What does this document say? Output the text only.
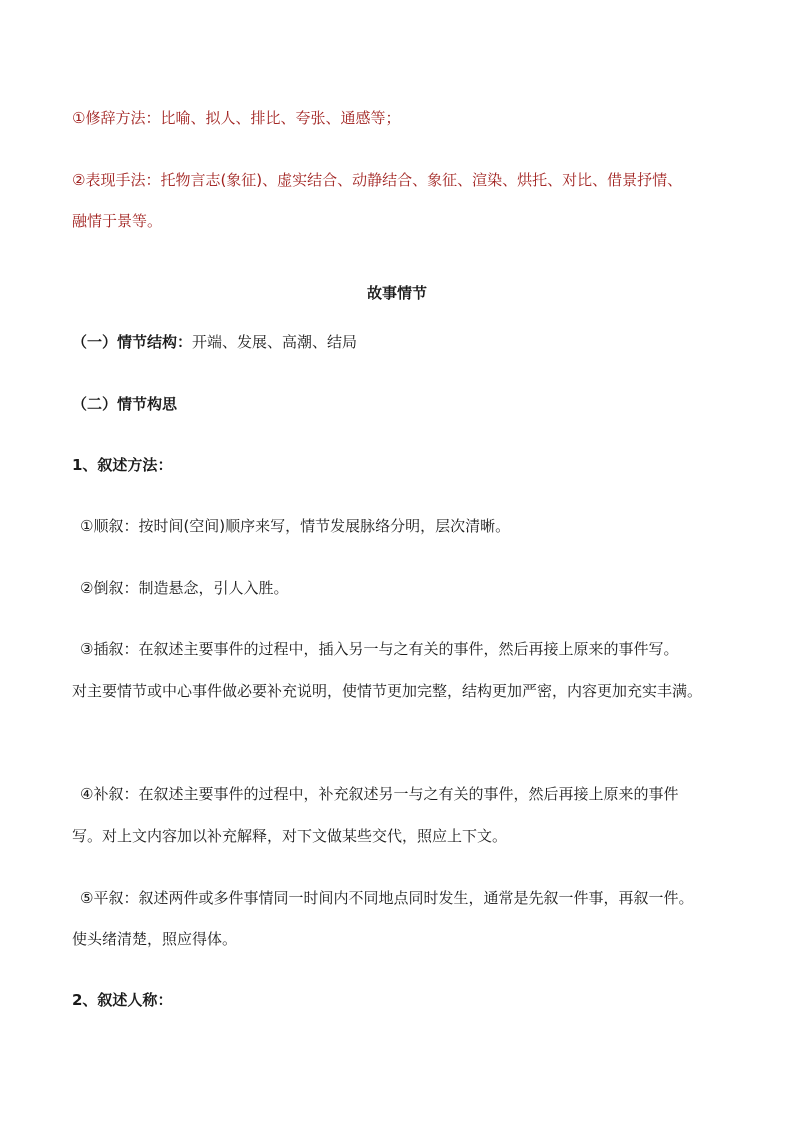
①修辞方法：比喻、拟人、排比、夸张、通感等；

②表现手法：托物言志(象征)、虚实结合、动静结合、象征、渲染、烘托、对比、借景抒情、

融情于景等。

故事情节

（一）情节结构：开端、发展、高潮、结局

（二）情节构思

1、叙述方法：

①顺叙：按时间(空间)顺序来写，情节发展脉络分明，层次清晰。

②倒叙：制造悬念，引人入胜。

③插叙：在叙述主要事件的过程中，插入另一与之有关的事件，然后再接上原来的事件写。

对主要情节或中心事件做必要补充说明，使情节更加完整，结构更加严密，内容更加充实丰满。

④补叙：在叙述主要事件的过程中，补充叙述另一与之有关的事件，然后再接上原来的事件

写。对上文内容加以补充解释，对下文做某些交代，照应上下文。

⑤平叙：叙述两件或多件事情同一时间内不同地点同时发生，通常是先叙一件事，再叙一件。

使头绪清楚，照应得体。

2、叙述人称：
